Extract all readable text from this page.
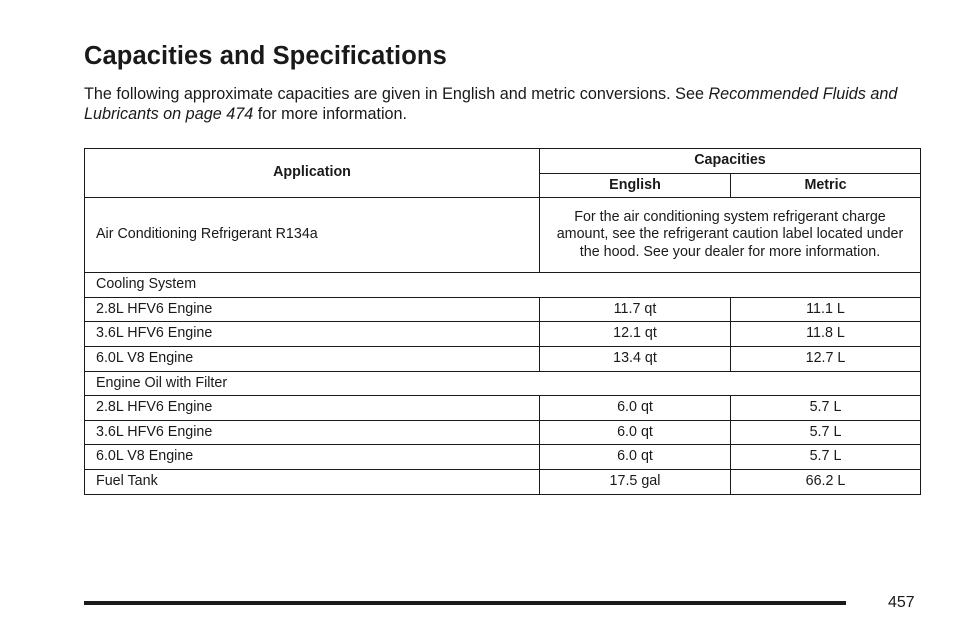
Capacities and Specifications

The following approximate capacities are given in English and metric conversions. See Recommended Fluids and Lubricants on page 474 for more information.

Application	Capacities	
	English	Metric
Air Conditioning Refrigerant R134a	For the air conditioning system refrigerant charge amount, see the refrigerant caution label located under the hood. See your dealer for more information.	
Cooling System		
2.8L HFV6 Engine	11.7 qt	11.1 L
3.6L HFV6 Engine	12.1 qt	11.8 L
6.0L V8 Engine	13.4 qt	12.7 L
Engine Oil with Filter		
2.8L HFV6 Engine	6.0 qt	5.7 L
3.6L HFV6 Engine	6.0 qt	5.7 L
6.0L V8 Engine	6.0 qt	5.7 L
Fuel Tank	17.5 gal	66.2 L
457
